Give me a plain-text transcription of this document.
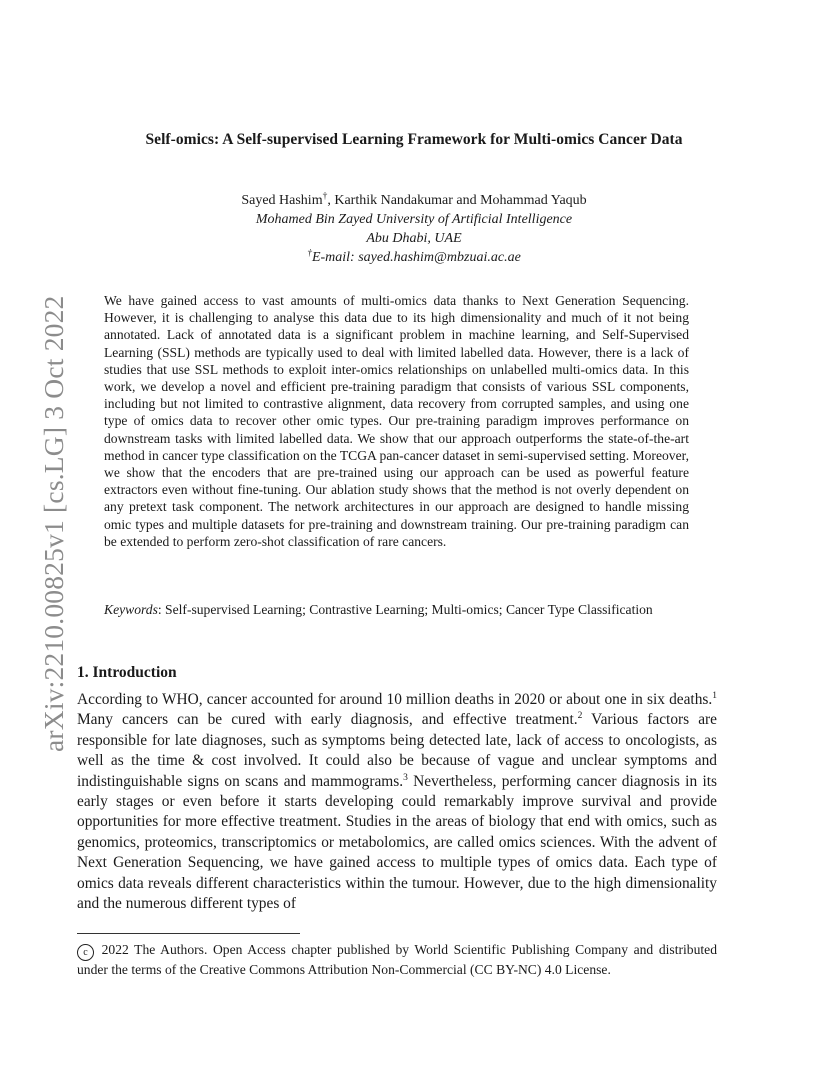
arXiv:2210.00825v1 [cs.LG] 3 Oct 2022
Self-omics: A Self-supervised Learning Framework for Multi-omics Cancer Data
Sayed Hashim†, Karthik Nandakumar and Mohammad Yaqub
Mohamed Bin Zayed University of Artificial Intelligence
Abu Dhabi, UAE
†E-mail: sayed.hashim@mbzuai.ac.ae
We have gained access to vast amounts of multi-omics data thanks to Next Generation Sequencing. However, it is challenging to analyse this data due to its high dimensionality and much of it not being annotated. Lack of annotated data is a significant problem in machine learning, and Self-Supervised Learning (SSL) methods are typically used to deal with limited labelled data. However, there is a lack of studies that use SSL methods to exploit inter-omics relationships on unlabelled multi-omics data. In this work, we develop a novel and efficient pre-training paradigm that consists of various SSL components, including but not limited to contrastive alignment, data recovery from corrupted samples, and using one type of omics data to recover other omic types. Our pre-training paradigm improves performance on downstream tasks with limited labelled data. We show that our approach outperforms the state-of-the-art method in cancer type classification on the TCGA pan-cancer dataset in semi-supervised setting. Moreover, we show that the encoders that are pre-trained using our approach can be used as powerful feature extractors even without fine-tuning. Our ablation study shows that the method is not overly dependent on any pretext task component. The network architectures in our approach are designed to handle missing omic types and multiple datasets for pre-training and downstream training. Our pre-training paradigm can be extended to perform zero-shot classification of rare cancers.
Keywords: Self-supervised Learning; Contrastive Learning; Multi-omics; Cancer Type Classification
1. Introduction
According to WHO, cancer accounted for around 10 million deaths in 2020 or about one in six deaths.$^1$ Many cancers can be cured with early diagnosis, and effective treatment.$^2$ Various factors are responsible for late diagnoses, such as symptoms being detected late, lack of access to oncologists, as well as the time & cost involved. It could also be because of vague and unclear symptoms and indistinguishable signs on scans and mammograms.$^3$ Nevertheless, performing cancer diagnosis in its early stages or even before it starts developing could remarkably improve survival and provide opportunities for more effective treatment. Studies in the areas of biology that end with omics, such as genomics, proteomics, transcriptomics or metabolomics, are called omics sciences. With the advent of Next Generation Sequencing, we have gained access to multiple types of omics data. Each type of omics data reveals different characteristics within the tumour. However, due to the high dimensionality and the numerous different types of
c 2022 The Authors. Open Access chapter published by World Scientific Publishing Company and distributed under the terms of the Creative Commons Attribution Non-Commercial (CC BY-NC) 4.0 License.
